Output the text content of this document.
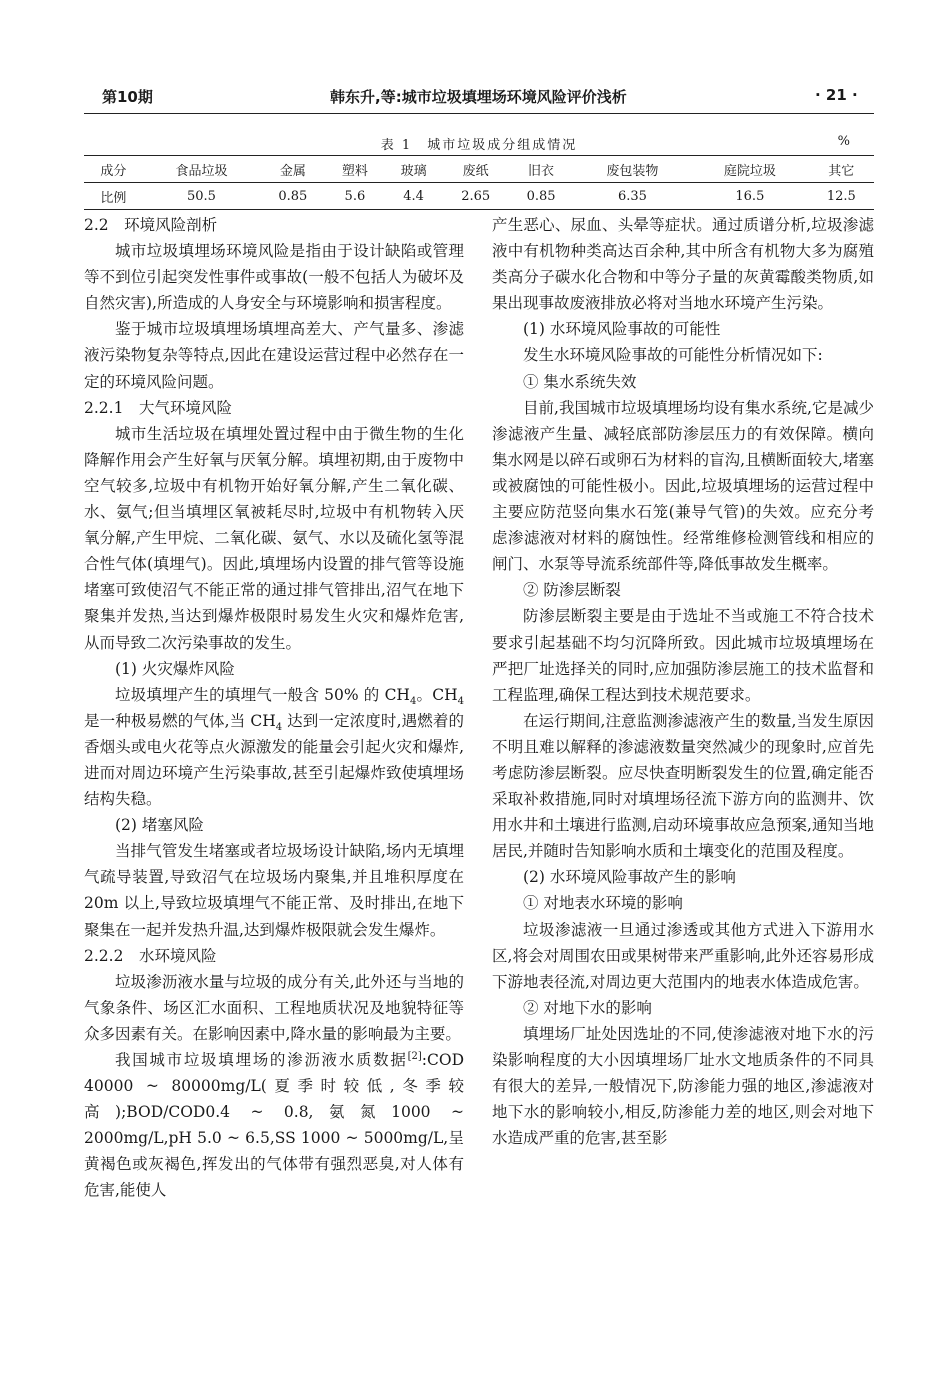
第10期	韩东升,等:城市垃圾填埋场环境风险评价浅析	· 21 ·
表 1　城市垃圾成分组成情况	%
成分	食品垃圾	金属	塑料	玻璃	废纸	旧衣	废包装物	庭院垃圾	其它
比例	50.5	0.85	5.6	4.4	2.65	0.85	6.35	16.5	12.5

2.2　环境风险剖析

城市垃圾填埋场环境风险是指由于设计缺陷或管理等不到位引起突发性事件或事故(一般不包括人为破坏及自然灾害),所造成的人身安全与环境影响和损害程度。

鉴于城市垃圾填埋场填埋高差大、产气量多、渗滤液污染物复杂等特点,因此在建设运营过程中必然存在一定的环境风险问题。

2.2.1　大气环境风险

城市生活垃圾在填埋处置过程中由于微生物的生化降解作用会产生好氧与厌氧分解。填埋初期,由于废物中空气较多,垃圾中有机物开始好氧分解,产生二氧化碳、水、氨气;但当填埋区氧被耗尽时,垃圾中有机物转入厌氧分解,产生甲烷、二氧化碳、氨气、水以及硫化氢等混合性气体(填埋气)。因此,填埋场内设置的排气管等设施堵塞可致使沼气不能正常的通过排气管排出,沼气在地下聚集并发热,当达到爆炸极限时易发生火灾和爆炸危害,从而导致二次污染事故的发生。

(1) 火灾爆炸风险

垃圾填埋产生的填埋气一般含 50% 的 $CH_4$。$CH_4$ 是一种极易燃的气体,当 $CH_4$ 达到一定浓度时,遇燃着的香烟头或电火花等点火源激发的能量会引起火灾和爆炸,进而对周边环境产生污染事故,甚至引起爆炸致使填埋场结构失稳。

(2) 堵塞风险

当排气管发生堵塞或者垃圾场设计缺陷,场内无填埋气疏导装置,导致沼气在垃圾场内聚集,并且堆积厚度在 20m 以上,导致垃圾填埋气不能正常、及时排出,在地下聚集在一起并发热升温,达到爆炸极限就会发生爆炸。

2.2.2　水环境风险

垃圾渗沥液水量与垃圾的成分有关,此外还与当地的气象条件、场区汇水面积、工程地质状况及地貌特征等众多因素有关。在影响因素中,降水量的影响最为主要。

我国城市垃圾填埋场的渗沥液水质数据[2]:COD 40000 ~ 80000mg/L(夏季时较低,冬季较高);BOD/COD0.4 ~ 0.8,氨氮1000 ~ 2000mg/L,pH 5.0 ~ 6.5,SS 1000 ~ 5000mg/L,呈黄褐色或灰褐色,挥发出的气体带有强烈恶臭,对人体有危害,能使人

产生恶心、尿血、头晕等症状。通过质谱分析,垃圾渗滤液中有机物种类高达百余种,其中所含有机物大多为腐殖类高分子碳水化合物和中等分子量的灰黄霉酸类物质,如果出现事故废液排放必将对当地水环境产生污染。

(1) 水环境风险事故的可能性

发生水环境风险事故的可能性分析情况如下:

① 集水系统失效

目前,我国城市垃圾填埋场均设有集水系统,它是减少渗滤液产生量、减轻底部防渗层压力的有效保障。横向集水网是以碎石或卵石为材料的盲沟,且横断面较大,堵塞或被腐蚀的可能性极小。因此,垃圾填埋场的运营过程中主要应防范竖向集水石笼(兼导气管)的失效。应充分考虑渗滤液对材料的腐蚀性。经常维修检测管线和相应的闸门、水泵等导流系统部件等,降低事故发生概率。

② 防渗层断裂

防渗层断裂主要是由于选址不当或施工不符合技术要求引起基础不均匀沉降所致。因此城市垃圾填埋场在严把厂址选择关的同时,应加强防渗层施工的技术监督和工程监理,确保工程达到技术规范要求。

在运行期间,注意监测渗滤液产生的数量,当发生原因不明且难以解释的渗滤液数量突然减少的现象时,应首先考虑防渗层断裂。应尽快查明断裂发生的位置,确定能否采取补救措施,同时对填埋场径流下游方向的监测井、饮用水井和土壤进行监测,启动环境事故应急预案,通知当地居民,并随时告知影响水质和土壤变化的范围及程度。

(2) 水环境风险事故产生的影响

① 对地表水环境的影响

垃圾渗滤液一旦通过渗透或其他方式进入下游用水区,将会对周围农田或果树带来严重影响,此外还容易形成下游地表径流,对周边更大范围内的地表水体造成危害。

② 对地下水的影响

填埋场厂址处因选址的不同,使渗滤液对地下水的污染影响程度的大小因填埋场厂址水文地质条件的不同具有很大的差异,一般情况下,防渗能力强的地区,渗滤液对地下水的影响较小,相反,防渗能力差的地区,则会对地下水造成严重的危害,甚至影
